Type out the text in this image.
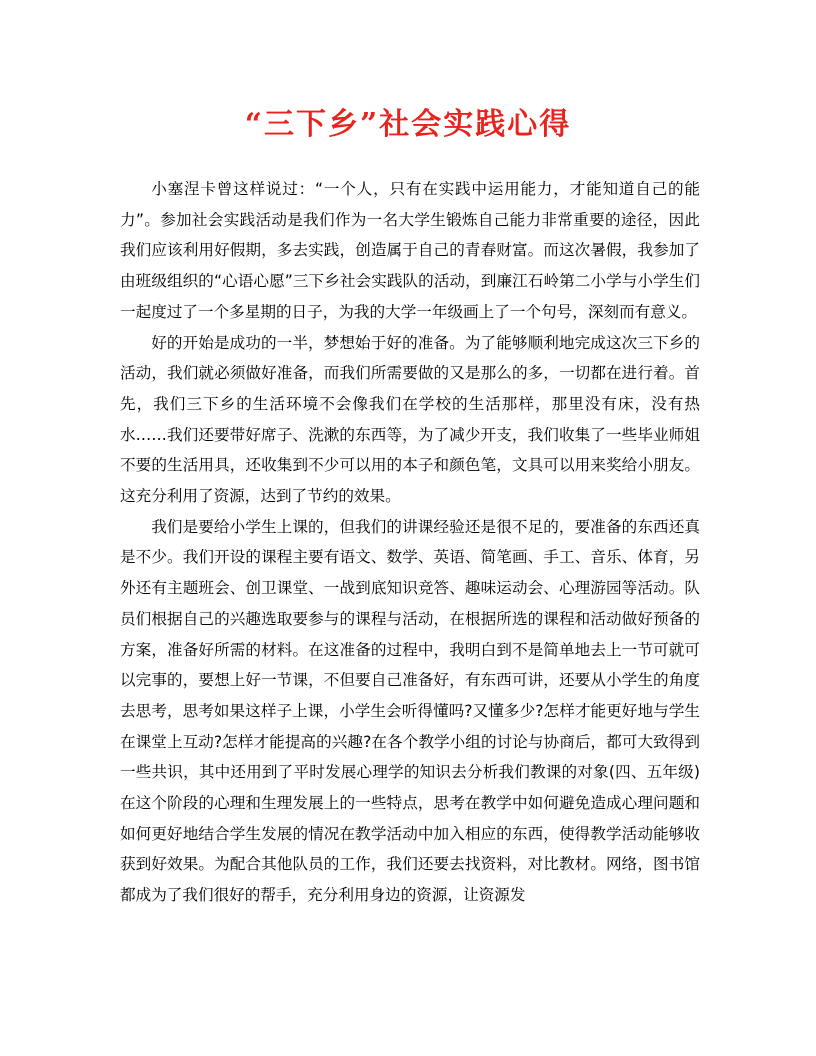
“三下乡”社会实践心得

小塞涅卡曾这样说过：“一个人，只有在实践中运用能力，才能知道自己的能力”。参加社会实践活动是我们作为一名大学生锻炼自己能力非常重要的途径，因此我们应该利用好假期，多去实践，创造属于自己的青春财富。而这次暑假，我参加了由班级组织的“心语心愿”三下乡社会实践队的活动，到廉江石岭第二小学与小学生们一起度过了一个多星期的日子，为我的大学一年级画上了一个句号，深刻而有意义。

好的开始是成功的一半，梦想始于好的准备。为了能够顺利地完成这次三下乡的活动，我们就必须做好准备，而我们所需要做的又是那么的多，一切都在进行着。首先，我们三下乡的生活环境不会像我们在学校的生活那样，那里没有床，没有热水……我们还要带好席子、洗漱的东西等，为了减少开支，我们收集了一些毕业师姐不要的生活用具，还收集到不少可以用的本子和颜色笔，文具可以用来奖给小朋友。这充分利用了资源，达到了节约的效果。

我们是要给小学生上课的，但我们的讲课经验还是很不足的，要准备的东西还真是不少。我们开设的课程主要有语文、数学、英语、简笔画、手工、音乐、体育，另外还有主题班会、创卫课堂、一战到底知识竞答、趣味运动会、心理游园等活动。队员们根据自己的兴趣选取要参与的课程与活动，在根据所选的课程和活动做好预备的方案，准备好所需的材料。在这准备的过程中，我明白到不是简单地去上一节可就可以完事的，要想上好一节课，不但要自己准备好，有东西可讲，还要从小学生的角度去思考，思考如果这样子上课，小学生会听得懂吗?又懂多少?怎样才能更好地与学生在课堂上互动?怎样才能提高的兴趣?在各个教学小组的讨论与协商后，都可大致得到一些共识，其中还用到了平时发展心理学的知识去分析我们教课的对象(四、五年级)在这个阶段的心理和生理发展上的一些特点，思考在教学中如何避免造成心理问题和如何更好地结合学生发展的情况在教学活动中加入相应的东西，使得教学活动能够收获到好效果。为配合其他队员的工作，我们还要去找资料，对比教材。网络，图书馆都成为了我们很好的帮手，充分利用身边的资源，让资源发
